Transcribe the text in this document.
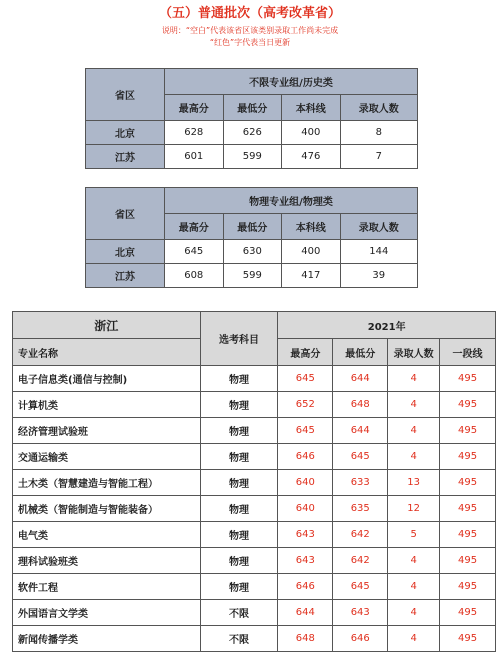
（五）普通批次（高考改革省）
说明：“空白”代表该省区该类别录取工作尚未完成
“红色”字代表当日更新
省区	不限专业组/历史类			
	最高分	最低分	本科线	录取人数
北京	628	626	400	8
江苏	601	599	476	7
省区	物理专业组/物理类			
	最高分	最低分	本科线	录取人数
北京	645	630	400	144
江苏	608	599	417	39
浙江	选考科目	2021年			
专业名称		最高分	最低分	录取人数	一段线
电子信息类(通信与控制)	物理	645	644	4	495
计算机类	物理	652	648	4	495
经济管理试验班	物理	645	644	4	495
交通运输类	物理	646	645	4	495
土木类（智慧建造与智能工程）	物理	640	633	13	495
机械类（智能制造与智能装备）	物理	640	635	12	495
电气类	物理	643	642	5	495
理科试验班类	物理	643	642	4	495
软件工程	物理	646	645	4	495
外国语言文学类	不限	644	643	4	495
新闻传播学类	不限	648	646	4	495
